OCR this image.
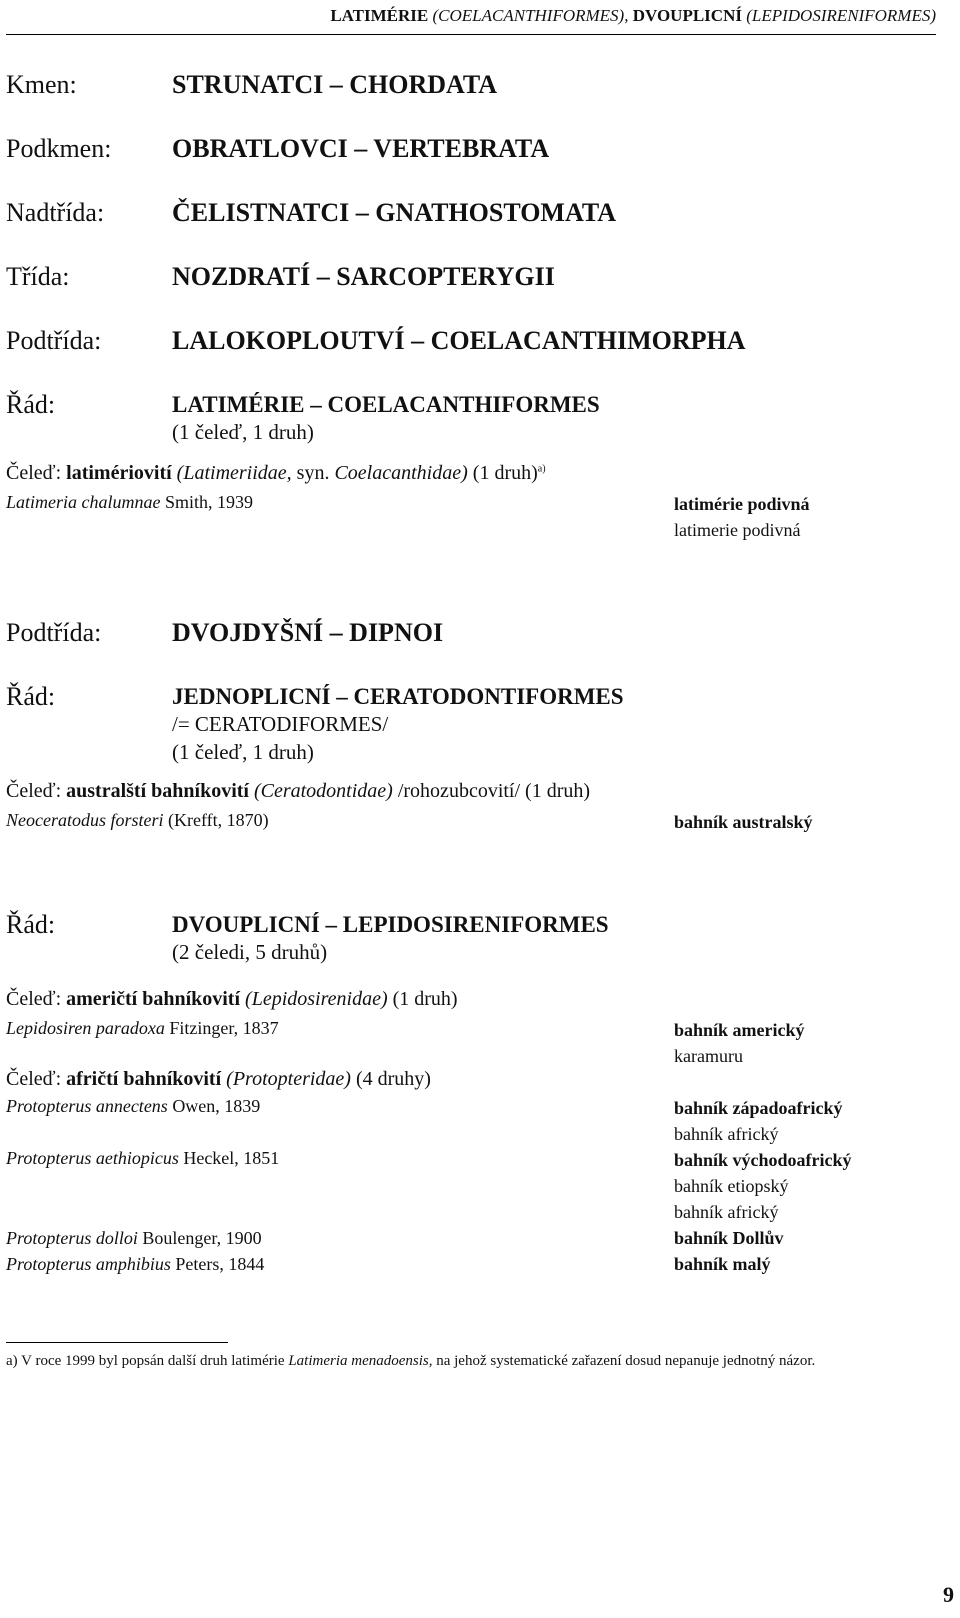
LATIMÉRIE (COELACANTHIFORMES), DVOUPLICNÍ (LEPIDOSIRENIFORMES)
Kmen:	STRUNATCI – CHORDATA
Podkmen: OBRATLOVCI – VERTEBRATA
Nadtřída:	ČELISTNATCI – GNATHOSTOMATA
Třída:	NOZDRATÍ – SARCOPTERYGII
Podtřída:	LALOKOPLOUTVÍ – COELACANTHIMORPHA
Řád:	LATIMÉRIE – COELACANTHIFORMES
(1 čeleď, 1 druh)
Čeleď: latimériovití (Latimeriidae, syn. Coelacanthidae) (1 druh)$^{a)}$
Latimeria chalumnae Smith, 1939	latimérie podivná
latimerie podivná
Podtřída:	DVOJDYŠNÍ – DIPNOI
Řád:	JEDNOPLICNÍ – CERATODONTIFORMES
/= CERATODIFORMES/
(1 čeleď, 1 druh)
Čeleď: australští bahníkovití (Ceratodontidae) /rohozubcovití/ (1 druh)
Neoceratodus forsteri (Krefft, 1870)	bahník australský
Řád:	DVOUPLICNÍ – LEPIDOSIRENIFORMES
(2 čeledi, 5 druhů)
Čeleď: američtí bahníkovití (Lepidosirenidae) (1 druh)
Lepidosiren paradoxa Fitzinger, 1837	bahník americký
karamuru
Čeleď: afričtí bahníkovití (Protopteridae) (4 druhy)
Protopterus annectens Owen, 1839	bahník západoafrický
bahník africký
Protopterus aethiopicus Heckel, 1851	bahník východoafrický
bahník etiopský
bahník africký
Protopterus dolloi Boulenger, 1900	bahník Dollův
Protopterus amphibius Peters, 1844	bahník malý
a) V roce 1999 byl popsán další druh latimérie Latimeria menadoensis, na jehož systematické zařazení dosud nepanuje jednotný názor.
9
